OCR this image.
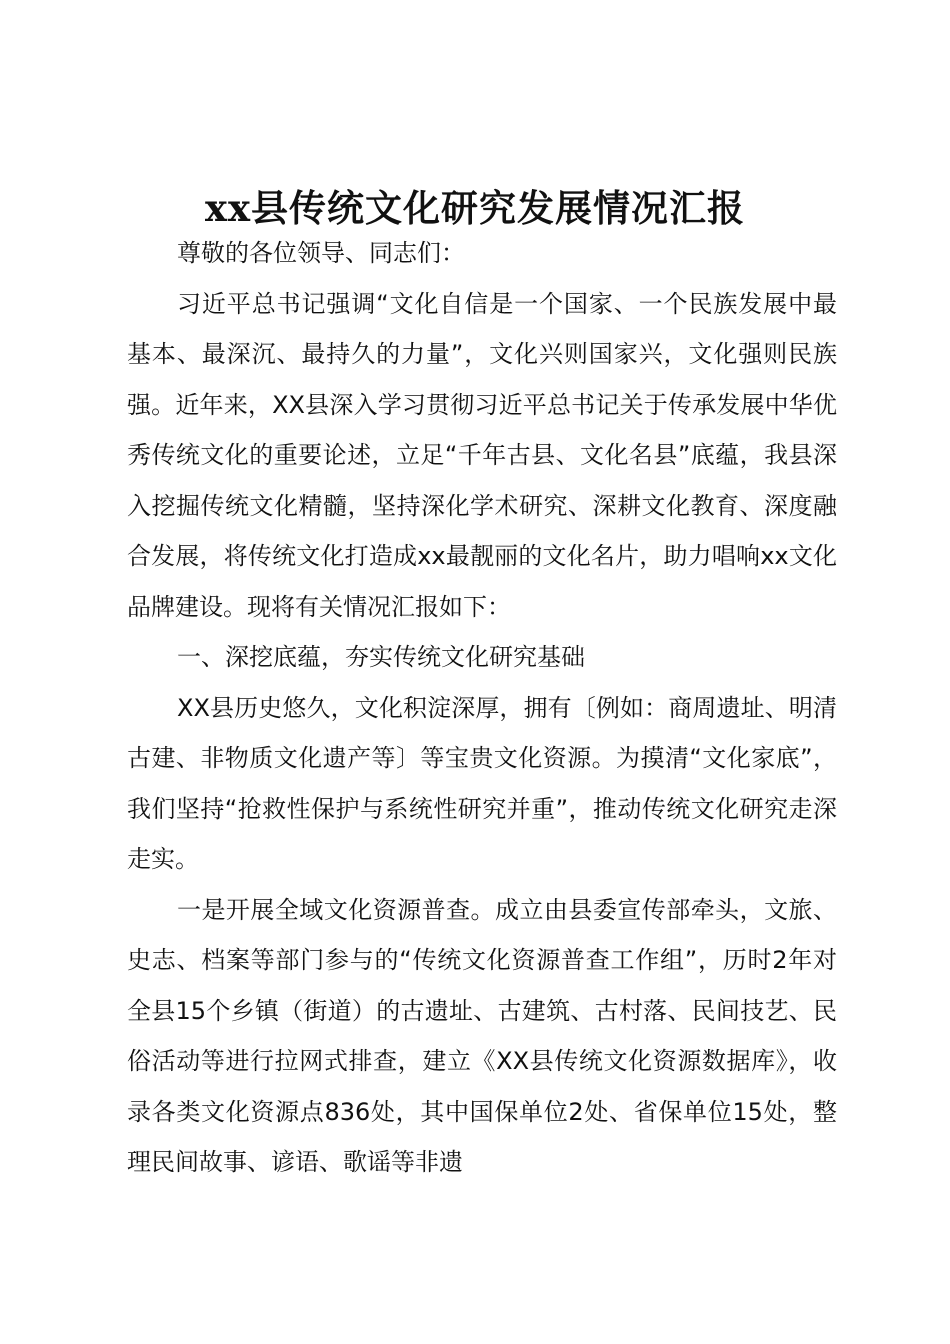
xx县传统文化研究发展情况汇报

尊敬的各位领导、同志们：

习近平总书记强调“文化自信是一个国家、一个民族发展中最基本、最深沉、最持久的力量”，文化兴则国家兴，文化强则民族强。近年来，XX县深入学习贯彻习近平总书记关于传承发展中华优秀传统文化的重要论述，立足“千年古县、文化名县”底蕴，我县深入挖掘传统文化精髓，坚持深化学术研究、深耕文化教育、深度融合发展，将传统文化打造成xx最靓丽的文化名片，助力唱响xx文化品牌建设。现将有关情况汇报如下：

一、深挖底蕴，夯实传统文化研究基础

XX县历史悠久，文化积淀深厚，拥有〔例如：商周遗址、明清古建、非物质文化遗产等〕等宝贵文化资源。为摸清“文化家底”，我们坚持“抢救性保护与系统性研究并重”，推动传统文化研究走深走实。

一是开展全域文化资源普查。成立由县委宣传部牵头，文旅、史志、档案等部门参与的“传统文化资源普查工作组”，历时2年对全县15个乡镇（街道）的古遗址、古建筑、古村落、民间技艺、民俗活动等进行拉网式排查，建立《XX县传统文化资源数据库》，收录各类文化资源点836处，其中国保单位2处、省保单位15处，整理民间故事、谚语、歌谣等非遗
